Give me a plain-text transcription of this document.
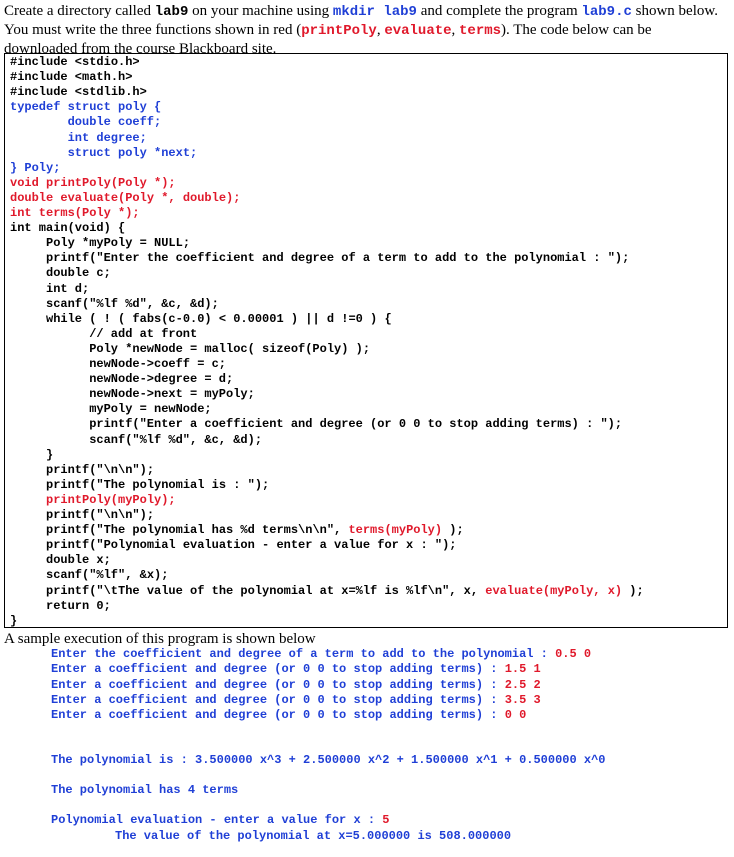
Create a directory called lab9 on your machine using mkdir lab9 and complete the program lab9.c shown below. You must write the three functions shown in red (printPoly, evaluate, terms). The code below can be downloaded from the course Blackboard site.

#include <stdio.h>
#include <math.h>
#include <stdlib.h>
typedef struct poly {
double coeff;
int degree;
struct poly *next;
} Poly;
void printPoly(Poly *);
double evaluate(Poly *, double);
int terms(Poly *);
int main(void) {
Poly *myPoly = NULL;
printf("Enter the coefficient and degree of a term to add to the polynomial : ");
double c;
int d;
scanf("%lf %d", &c, &d);
while ( ! ( fabs(c-0.0) < 0.00001 ) || d !=0 ) {
// add at front
Poly *newNode = malloc( sizeof(Poly) );
newNode->coeff = c;
newNode->degree = d;
newNode->next = myPoly;
myPoly = newNode;
printf("Enter a coefficient and degree (or 0 0 to stop adding terms) : ");
scanf("%lf %d", &c, &d);
}
printf("\n\n");
printf("The polynomial is : ");
printPoly(myPoly);
printf("\n\n");
printf("The polynomial has %d terms\n\n", terms(myPoly) );
printf("Polynomial evaluation - enter a value for x : ");
double x;
scanf("%lf", &x);
printf("\tThe value of the polynomial at x=%lf is %lf\n", x, evaluate(myPoly, x) );
return 0;
}

A sample execution of this program is shown below

Enter the coefficient and degree of a term to add to the polynomial : 0.5 0
Enter a coefficient and degree (or 0 0 to stop adding terms) : 1.5 1
Enter a coefficient and degree (or 0 0 to stop adding terms) : 2.5 2
Enter a coefficient and degree (or 0 0 to stop adding terms) : 3.5 3
Enter a coefficient and degree (or 0 0 to stop adding terms) : 0 0
The polynomial is : 3.500000 x^3 + 2.500000 x^2 + 1.500000 x^1 + 0.500000 x^0
The polynomial has 4 terms
Polynomial evaluation - enter a value for x : 5
The value of the polynomial at x=5.000000 is 508.000000
